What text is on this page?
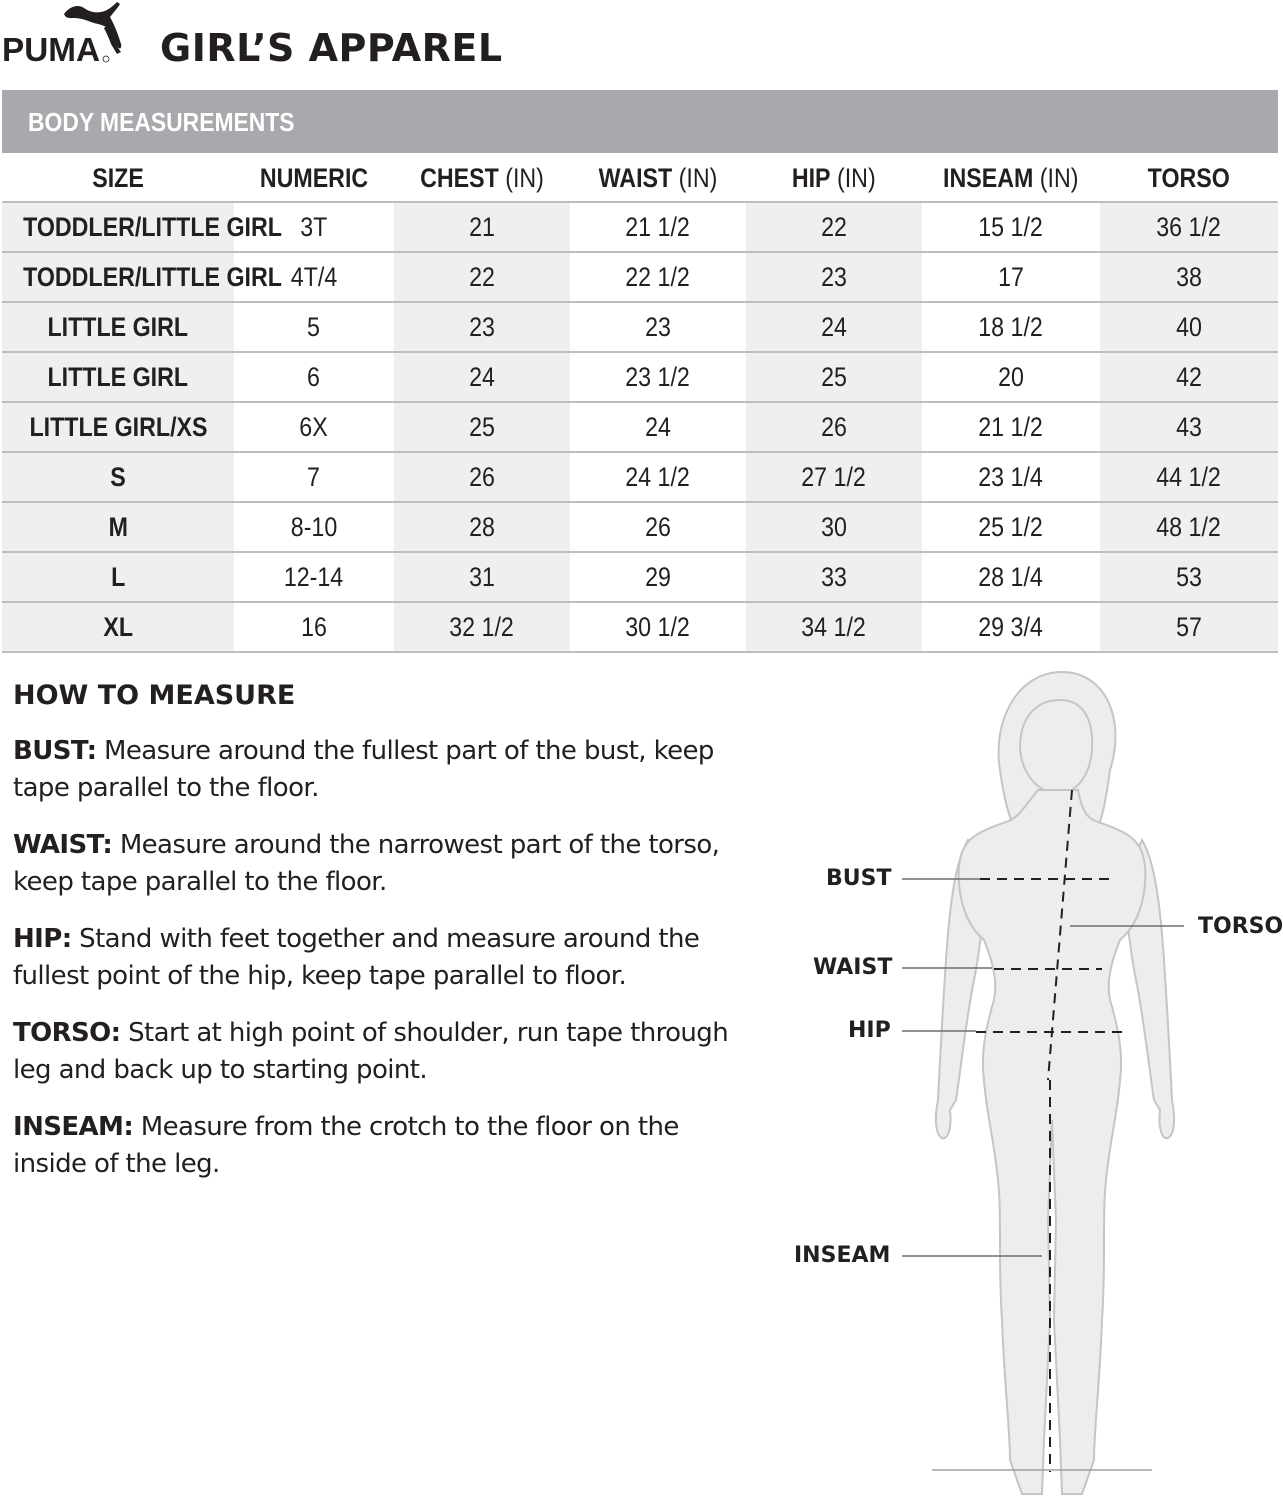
PUMA GIRL’S APPAREL
BODY MEASUREMENTS
SIZE	NUMERIC	CHEST (IN)	WAIST (IN)	HIP (IN)	INSEAM (IN)	TORSO
TODDLER/LITTLE GIRL	3T	21	21 1/2	22	15 1/2	36 1/2
TODDLER/LITTLE GIRL	4T/4	22	22 1/2	23	17	38
LITTLE GIRL	5	23	23	24	18 1/2	40
LITTLE GIRL	6	24	23 1/2	25	20	42
LITTLE GIRL/XS	6X	25	24	26	21 1/2	43
S	7	26	24 1/2	27 1/2	23 1/4	44 1/2
M	8-10	28	26	30	25 1/2	48 1/2
L	12-14	31	29	33	28 1/4	53
XL	16	32 1/2	30 1/2	34 1/2	29 3/4	57
HOW TO MEASURE

BUST: Measure around the fullest part of the bust, keep tape parallel to the floor.

WAIST: Measure around the narrowest part of the torso, keep tape parallel to the floor.

HIP: Stand with feet together and measure around the fullest point of the hip, keep tape parallel to floor.

TORSO: Start at high point of shoulder, run tape through leg and back up to starting point.

INSEAM: Measure from the crotch to the floor on the inside of the leg.

BUST
WAIST
HIP
INSEAM
TORSO
